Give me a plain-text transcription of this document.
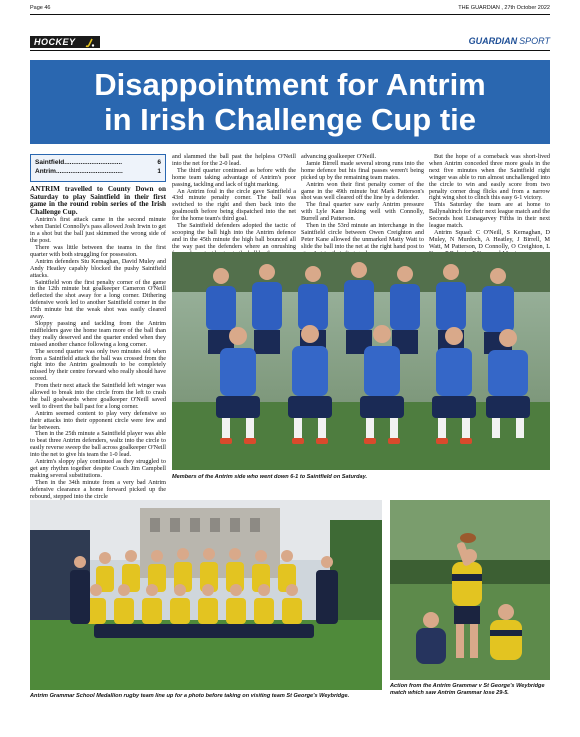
Page 46	THE GUARDIAN , 27th October 2022
HOCKEY	GUARDIAN SPORT
Disappointment for Antrim
in Irish Challenge Cup tie
Saintfield................................	6
Antrim.....................................	1

ANTRIM travelled to County Down on Saturday to play Saintfield in their first game in the round robin series of the Irish Challenge Cup.

Antrim's first attack came in the second minute when Daniel Connolly's pass allowed Josh Irwin to get in a shot but the ball just skimmed the wrong side of the post.

There was little between the teams in the first quarter with both struggling for possession.

Antrim defenders Stu Kernaghan, David Muley and Andy Heatley capably blocked the pushy Saintfield attacks.

Saintfield won the first penalty corner of the game in the 12th minute but goalkeeper Cameron O'Neill deflected the shot away for a long corner. Dithering defensive work led to another Saintfield corner in the 15th minute but the weak shot was easily cleared away.

Sloppy passing and tackling from the Antrim midfielders gave the home team more of the ball than they really deserved and the quarter ended when they missed another chance following a long corner.

The second quarter was only two minutes old when from a Saintfield attack the ball was crossed from the right into the Antrim goalmouth to be completely missed by their centre forward who really should have scored.

From their next attack the Saintfield left winger was allowed to break into the circle from the left to crash the ball goalwards where goalkeeper O'Neill saved well to divert the ball past for a long corner.

Antrim seemed content to play very defensive so their attacks into their opponent circle were few and far between.

Then in the 25th minute a Saintfield player was able to beat three Antrim defenders, waltz into the circle to easily reverse sweep the ball across goalkeeper O'Neill into the net to give his team the 1-0 lead.

Antrim's sloppy play continued as they struggled to get any rhythm together despite Coach Jim Campbell making several substitutions.

Then in the 34th minute from a very bad Antrim defensive clearance a home forward picked up the rebound, stepped into the circle

and slammed the ball past the helpless O'Neill into the net for the 2-0 lead.

The third quarter continued as before with the home team taking advantage of Antrim's poor passing, tackling and lack of tight marking.

An Antrim foul in the circle gave Saintfield a 43rd minute penalty corner. The ball was switched to the right and then back into the goalmouth before being dispatched into the net for the home team's third goal.

The Saintfield defenders adopted the tactic of scooping the ball high into the Antrim defence and in the 45th minute the high ball bounced all the way past the defenders where an onrushing

advancing goalkeeper O'Neill.

Jamie Birrell made several strong runs into the home defence but his final passes weren't being picked up by the remaining team mates.

Antrim won their first penalty corner of the game in the 49th minute but Mark Patterson's shot was well cleared off the line by a defender.

The final quarter saw early Antrim pressure with Lyle Kane linking well with Connolly, Burrell and Patterson.

Then in the 53rd minute an interchange in the Saintfield circle between Owen Creighton and Peter Kane allowed the unmarked Matty Watt to slide the ball into the net at the right hand post to

But the hope of a comeback was short-lived when Antrim conceded three more goals in the next five minutes when the Saintfield right winger was able to run almost unchallenged into the circle to win and easily score from two penalty corner drag flicks and from a narrow right wing shot to clinch this easy 6-1 victory.

This Saturday the team are at home to Ballynahinch for their next league match and the Seconds host Lisnagarvey Fifths in their next league match.

Antrim Squad: C O'Neill, S Kernaghan, D Muley, N Murdoch, A Heatley, J Birrell, M Watt, M Patterson, D Connolly, O Creighton, L

Members of the Antrim side who went down 6-1 to Saintfield on Saturday.
Antrim Grammar School Medallion rugby team line up for a photo before taking on visiting team St George's Weybridge.
Action from the Antrim Grammar v St George's Weybridge match which saw Antrim Grammar lose 29-5.
